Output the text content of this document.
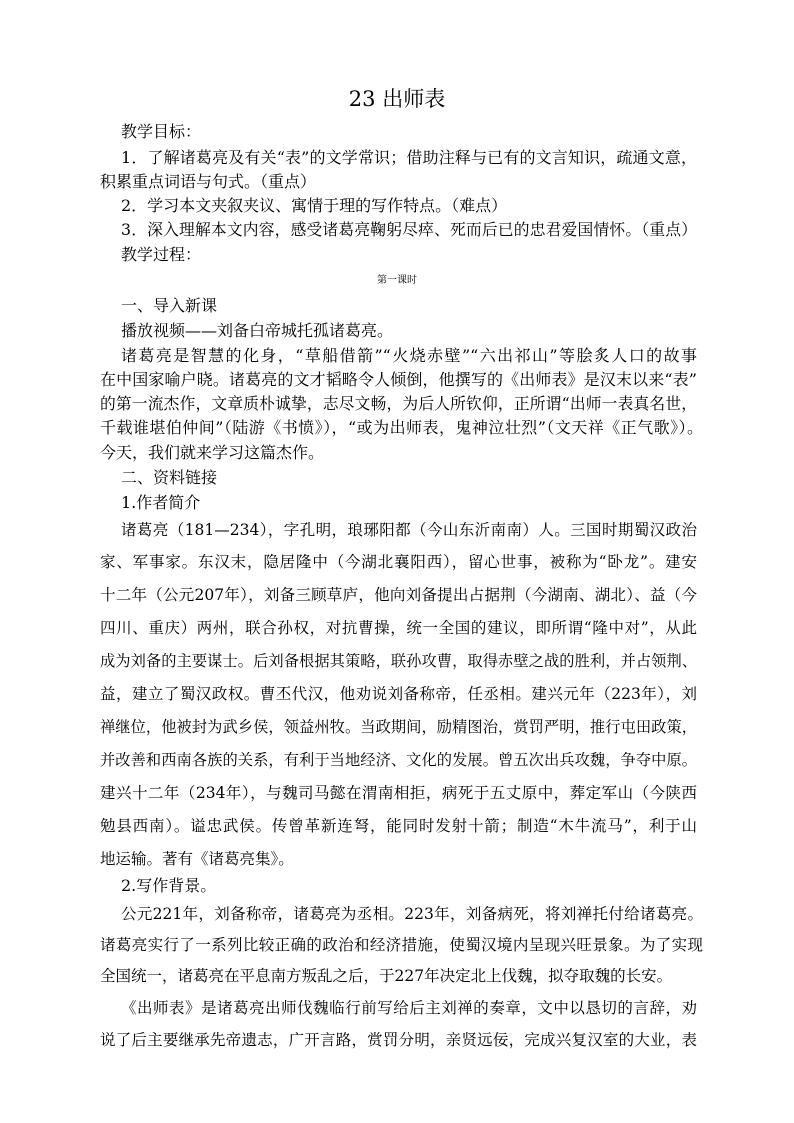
23 出师表
教学目标：
1．了解诸葛亮及有关“表”的文学常识；借助注释与已有的文言知识，疏通文意，
积累重点词语与句式。（重点）
2．学习本文夹叙夹议、寓情于理的写作特点。（难点）
3．深入理解本文内容，感受诸葛亮鞠躬尽瘁、死而后已的忠君爱国情怀。（重点）
教学过程：
第一课时
一、导入新课
播放视频——刘备白帝城托孤诸葛亮。
诸葛亮是智慧的化身，“草船借箭”“火烧赤壁”“六出祁山”等脍炙人口的故事
在中国家喻户晓。诸葛亮的文才韬略令人倾倒，他撰写的《出师表》是汉末以来“表”
的第一流杰作，文章质朴诚挚，志尽文畅，为后人所钦仰，正所谓“出师一表真名世，
千载谁堪伯仲间”（陆游《书愤》），“或为出师表，鬼神泣壮烈”（文天祥《正气歌》）。
今天，我们就来学习这篇杰作。
二、资料链接
1.作者简介
诸葛亮（181—234），字孔明，琅琊阳都（今山东沂南南）人。三国时期蜀汉政治
家、军事家。东汉末，隐居隆中（今湖北襄阳西），留心世事，被称为“卧龙”。建安
十二年（公元207年），刘备三顾草庐，他向刘备提出占据荆（今湖南、湖北）、益（今
四川、重庆）两州，联合孙权，对抗曹操，统一全国的建议，即所谓“隆中对”，从此
成为刘备的主要谋士。后刘备根据其策略，联孙攻曹，取得赤壁之战的胜利，并占领荆、
益，建立了蜀汉政权。曹丕代汉，他劝说刘备称帝，任丞相。建兴元年（223年），刘
禅继位，他被封为武乡侯，领益州牧。当政期间，励精图治，赏罚严明，推行屯田政策，
并改善和西南各族的关系，有利于当地经济、文化的发展。曾五次出兵攻魏，争夺中原。
建兴十二年（234年），与魏司马懿在渭南相拒，病死于五丈原中，葬定军山（今陕西
勉县西南）。谥忠武侯。传曾革新连弩，能同时发射十箭；制造“木牛流马”，利于山
地运输。著有《诸葛亮集》。
2.写作背景。
公元221年，刘备称帝，诸葛亮为丞相。223年，刘备病死，将刘禅托付给诸葛亮。
诸葛亮实行了一系列比较正确的政治和经济措施，使蜀汉境内呈现兴旺景象。为了实现
全国统一，诸葛亮在平息南方叛乱之后，于227年决定北上伐魏，拟夺取魏的长安。
《出师表》是诸葛亮出师伐魏临行前写给后主刘禅的奏章，文中以恳切的言辞，劝
说了后主要继承先帝遗志，广开言路，赏罚分明，亲贤远佞，完成兴复汉室的大业，表
